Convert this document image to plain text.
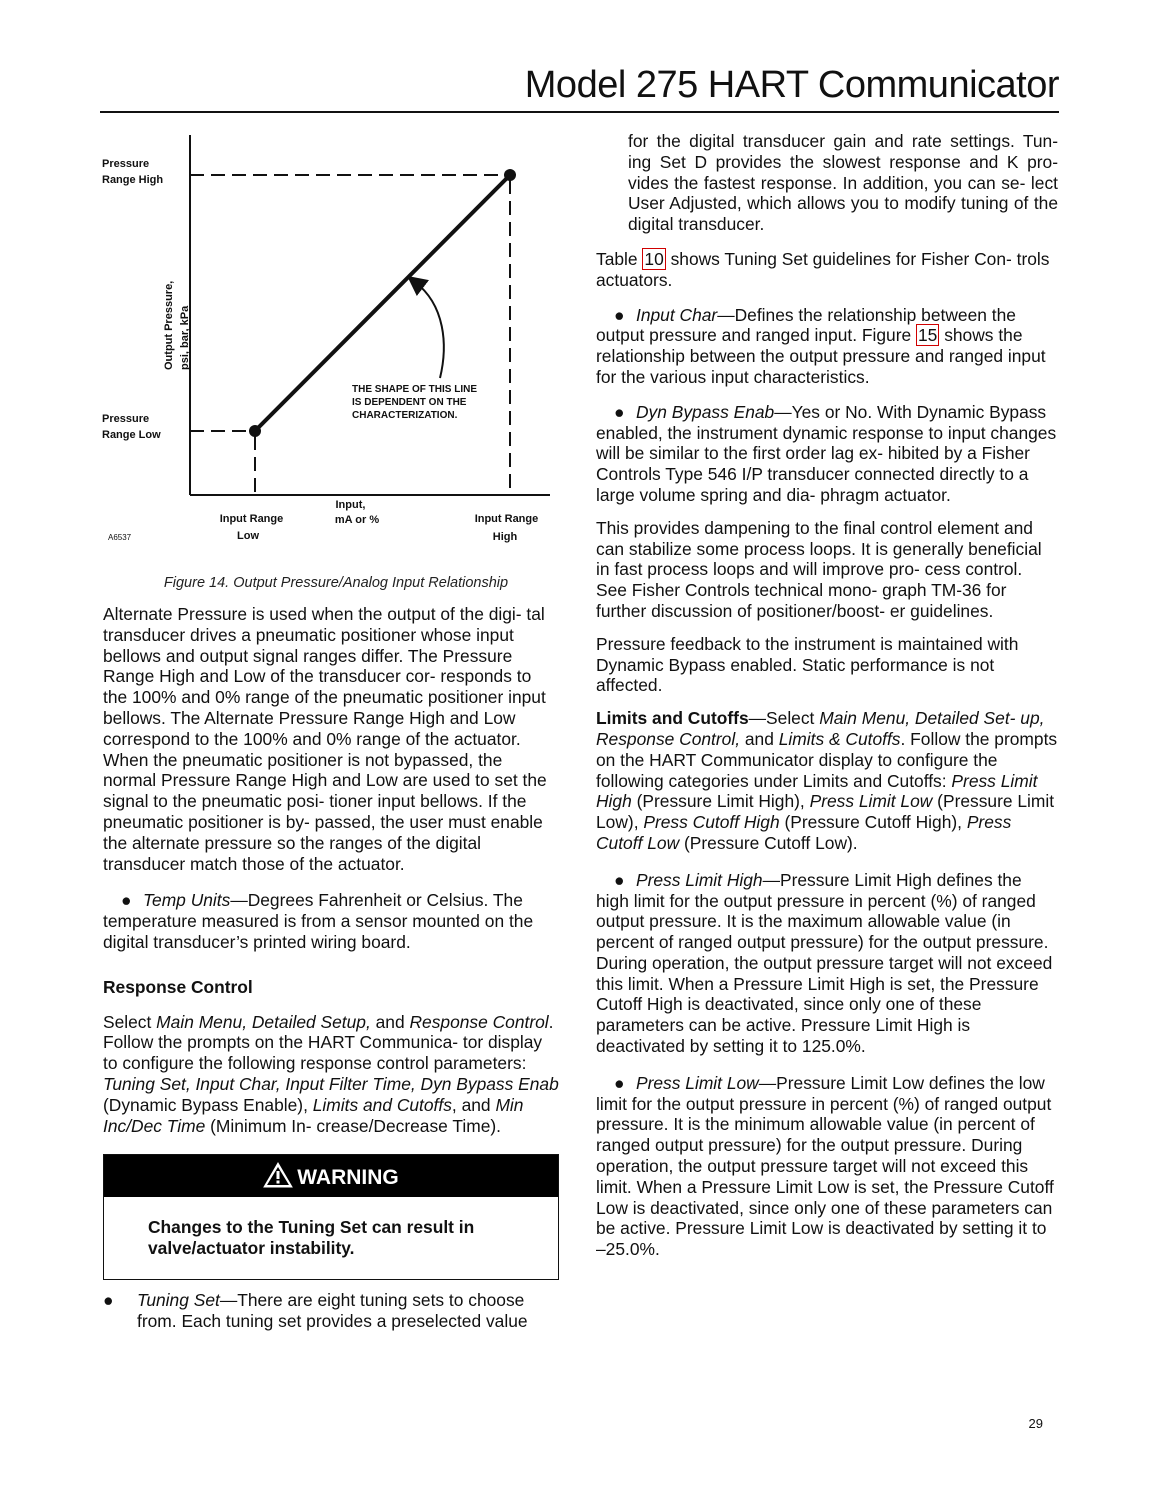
Model 275 HART Communicator
Pressure Range High
Pressure Range Low
Output Pressure, psi, bar, kPa
THE SHAPE OF THIS LINE IS DEPENDENT ON THE CHARACTERIZATION.
Input Range Low
Input, mA or %	Input Range High
A6537
Figure 14. Output Pressure/Analog Input Relationship

Alternate Pressure is used when the output of the digi- tal transducer drives a pneumatic positioner whose input bellows and output signal ranges differ. The Pressure Range High and Low of the transducer cor- responds to the 100% and 0% range of the pneumatic positioner input bellows. The Alternate Pressure Range High and Low correspond to the 100% and 0% range of the actuator. When the pneumatic positioner is not bypassed, the normal Pressure Range High and Low are used to set the signal to the pneumatic posi- tioner input bellows. If the pneumatic positioner is by- passed, the user must enable the alternate pressure so the ranges of the digital transducer match those of the actuator.

● Temp Units—Degrees Fahrenheit or Celsius. The temperature measured is from a sensor mounted on the digital transducer’s printed wiring board.

Response Control

Select Main Menu, Detailed Setup, and Response Control. Follow the prompts on the HART Communica- tor display to configure the following response control parameters: Tuning Set, Input Char, Input Filter Time, Dyn Bypass Enab (Dynamic Bypass Enable), Limits and Cutoffs, and Min Inc/Dec Time (Minimum In- crease/Decrease Time).

WARNING
Changes to the Tuning Set can result in valve/actuator instability.
●	Tuning Set—There are eight tuning sets to choose from. Each tuning set provides a preselected value

for the digital transducer gain and rate settings. Tun- ing Set D provides the slowest response and K pro- vides the fastest response. In addition, you can se- lect User Adjusted, which allows you to modify tuning of the digital transducer.

Table 10 shows Tuning Set guidelines for Fisher Con- trols actuators.

● Input Char—Defines the relationship between the output pressure and ranged input. Figure 15 shows the relationship between the output pressure and ranged input for the various input characteristics.

● Dyn Bypass Enab—Yes or No. With Dynamic Bypass enabled, the instrument dynamic response to input changes will be similar to the first order lag ex- hibited by a Fisher Controls Type 546 I/P transducer connected directly to a large volume spring and dia- phragm actuator.

This provides dampening to the final control element and can stabilize some process loops. It is generally beneficial in fast process loops and will improve pro- cess control. See Fisher Controls technical mono- graph TM-36 for further discussion of positioner/boost- er guidelines.

Pressure feedback to the instrument is maintained with Dynamic Bypass enabled. Static performance is not affected.

Limits and Cutoffs—Select Main Menu, Detailed Set- up, Response Control, and Limits & Cutoffs. Follow the prompts on the HART Communicator display to configure the following categories under Limits and Cutoffs: Press Limit High (Pressure Limit High), Press Limit Low (Pressure Limit Low), Press Cutoff High (Pressure Cutoff High), Press Cutoff Low (Pressure Cutoff Low).

● Press Limit High—Pressure Limit High defines the high limit for the output pressure in percent (%) of ranged output pressure. It is the maximum allowable value (in percent of ranged output pressure) for the output pressure. During operation, the output pressure target will not exceed this limit. When a Pressure Limit High is set, the Pressure Cutoff High is deactivated, since only one of these parameters can be active. Pressure Limit High is deactivated by setting it to 125.0%.

● Press Limit Low—Pressure Limit Low defines the low limit for the output pressure in percent (%) of ranged output pressure. It is the minimum allowable value (in percent of ranged output pressure) for the output pressure. During operation, the output pressure target will not exceed this limit. When a Pressure Limit Low is set, the Pressure Cutoff Low is deactivated, since only one of these parameters can be active. Pressure Limit Low is deactivated by setting it to –25.0%.

29
